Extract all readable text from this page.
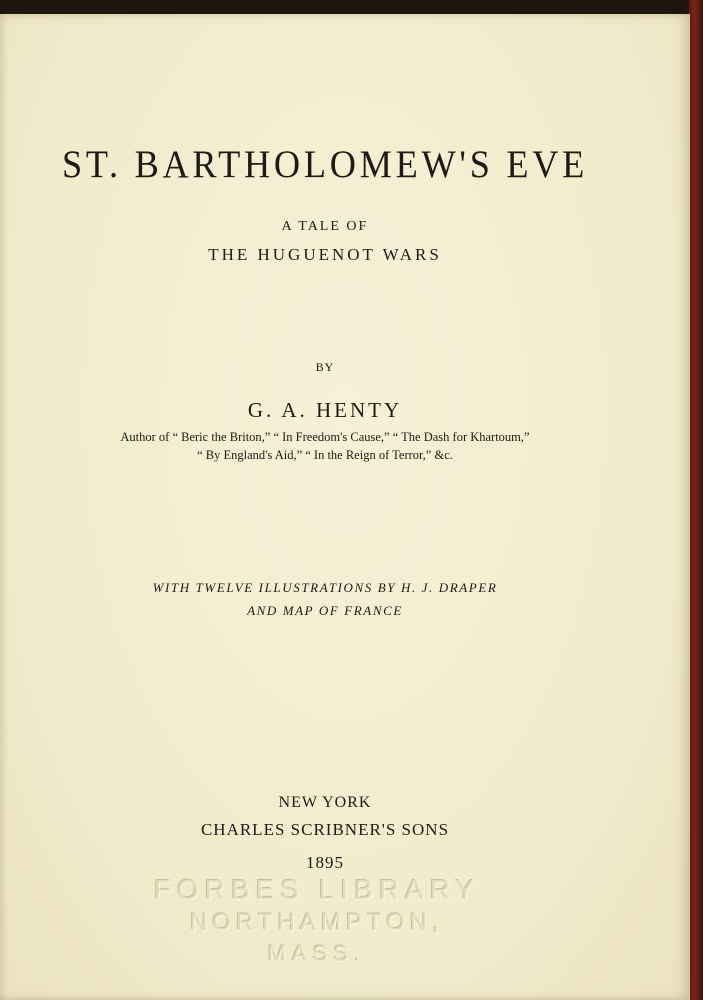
ST. BARTHOLOMEW'S EVE
A TALE OF
THE HUGUENOT WARS
BY
G. A. HENTY
Author of “ Beric the Briton,” “ In Freedom's Cause,” “ The Dash for Khartoum,”
“ By England's Aid,” “ In the Reign of Terror,” &c.
WITH TWELVE ILLUSTRATIONS BY H. J. DRAPER
AND MAP OF FRANCE
NEW YORK
CHARLES SCRIBNER'S SONS
1895
FORBES LIBRARY
NORTHAMPTON,
MASS.
